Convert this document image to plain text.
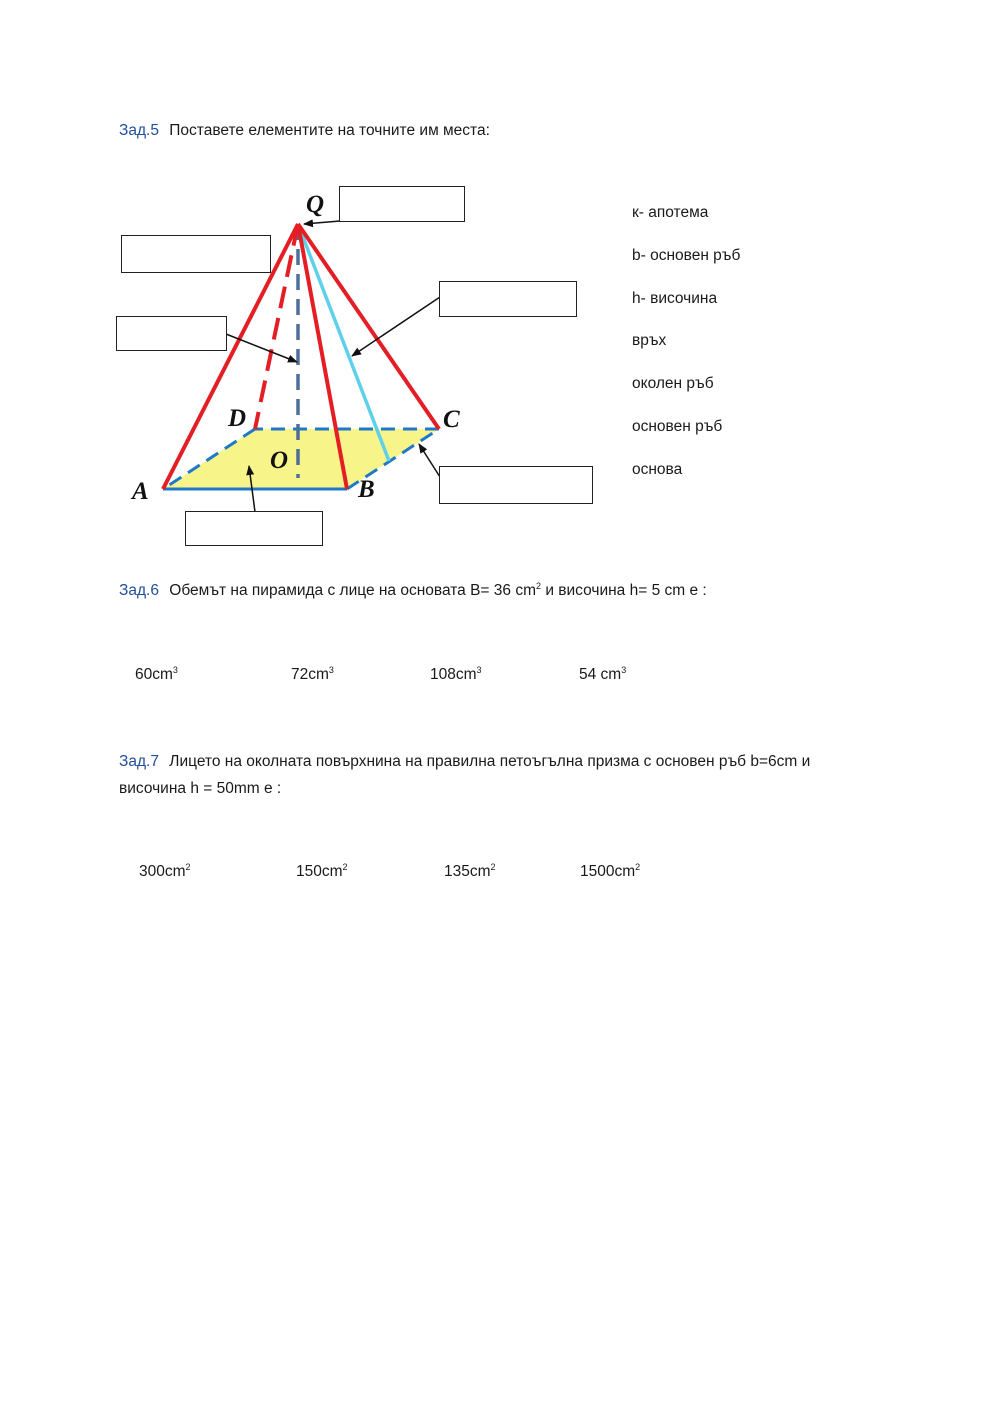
Зад.5 Поставете елементите на точните им места:
Q
D	C
A	B
O
к- апотема
b- основен ръб
h- височина
връх
околен ръб
основен ръб
основа
Зад.6 Обемът на пирамида с лице на основата В= 36 $cm^2$ и височина h= 5 cm е :
$60cm^3$	$72cm^3$	$108cm^3$	54 $cm^3$
Зад.7 Лицето на околната повърхнина на правилна петоъгълна призма с основен ръб b=6cm и
височина h = 50mm е :
$300cm^2$	$150cm^2$	$135cm^2$	$1500cm^2$
